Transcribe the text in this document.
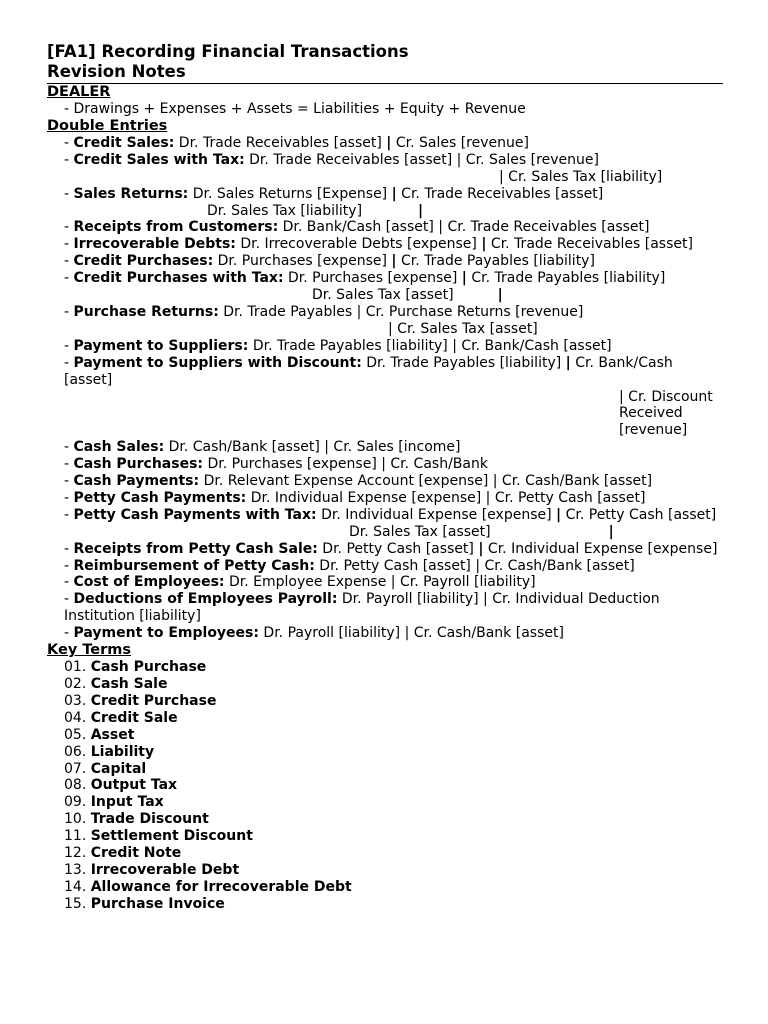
[FA1] Recording Financial Transactions
Revision Notes
DEALER
- Drawings + Expenses + Assets = Liabilities + Equity + Revenue
Double Entries
- Credit Sales: Dr. Trade Receivables [asset] | Cr. Sales [revenue]
- Credit Sales with Tax: Dr. Trade Receivables [asset] | Cr. Sales [revenue]
| Cr. Sales Tax [liability]
- Sales Returns: Dr. Sales Returns [Expense] | Cr. Trade Receivables [asset]
Dr. Sales Tax [liability]	|
- Receipts from Customers: Dr. Bank/Cash [asset] | Cr. Trade Receivables [asset]
- Irrecoverable Debts: Dr. Irrecoverable Debts [expense] | Cr. Trade Receivables [asset]
- Credit Purchases: Dr. Purchases [expense] | Cr. Trade Payables [liability]
- Credit Purchases with Tax: Dr. Purchases [expense] | Cr. Trade Payables [liability]
Dr. Sales Tax [asset]	|
- Purchase Returns: Dr. Trade Payables | Cr. Purchase Returns [revenue]
| Cr. Sales Tax [asset]
- Payment to Suppliers: Dr. Trade Payables [liability] | Cr. Bank/Cash [asset]
- Payment to Suppliers with Discount: Dr. Trade Payables [liability] | Cr. Bank/Cash [asset]
| Cr. Discount Received [revenue]
- Cash Sales: Dr. Cash/Bank [asset] | Cr. Sales [income]
- Cash Purchases: Dr. Purchases [expense] | Cr. Cash/Bank
- Cash Payments: Dr. Relevant Expense Account [expense] | Cr. Cash/Bank [asset]
- Petty Cash Payments: Dr. Individual Expense [expense] | Cr. Petty Cash [asset]
- Petty Cash Payments with Tax: Dr. Individual Expense [expense] | Cr. Petty Cash [asset]
Dr. Sales Tax [asset]	|
- Receipts from Petty Cash Sale: Dr. Petty Cash [asset] | Cr. Individual Expense [expense]
- Reimbursement of Petty Cash: Dr. Petty Cash [asset] | Cr. Cash/Bank [asset]
- Cost of Employees: Dr. Employee Expense | Cr. Payroll [liability]
- Deductions of Employees Payroll: Dr. Payroll [liability] | Cr. Individual Deduction Institution [liability]
- Payment to Employees: Dr. Payroll [liability] | Cr. Cash/Bank [asset]
Key Terms
01. Cash Purchase
02. Cash Sale
03. Credit Purchase
04. Credit Sale
05. Asset
06. Liability
07. Capital
08. Output Tax
09. Input Tax
10. Trade Discount
11. Settlement Discount
12. Credit Note
13. Irrecoverable Debt
14. Allowance for Irrecoverable Debt
15. Purchase Invoice
